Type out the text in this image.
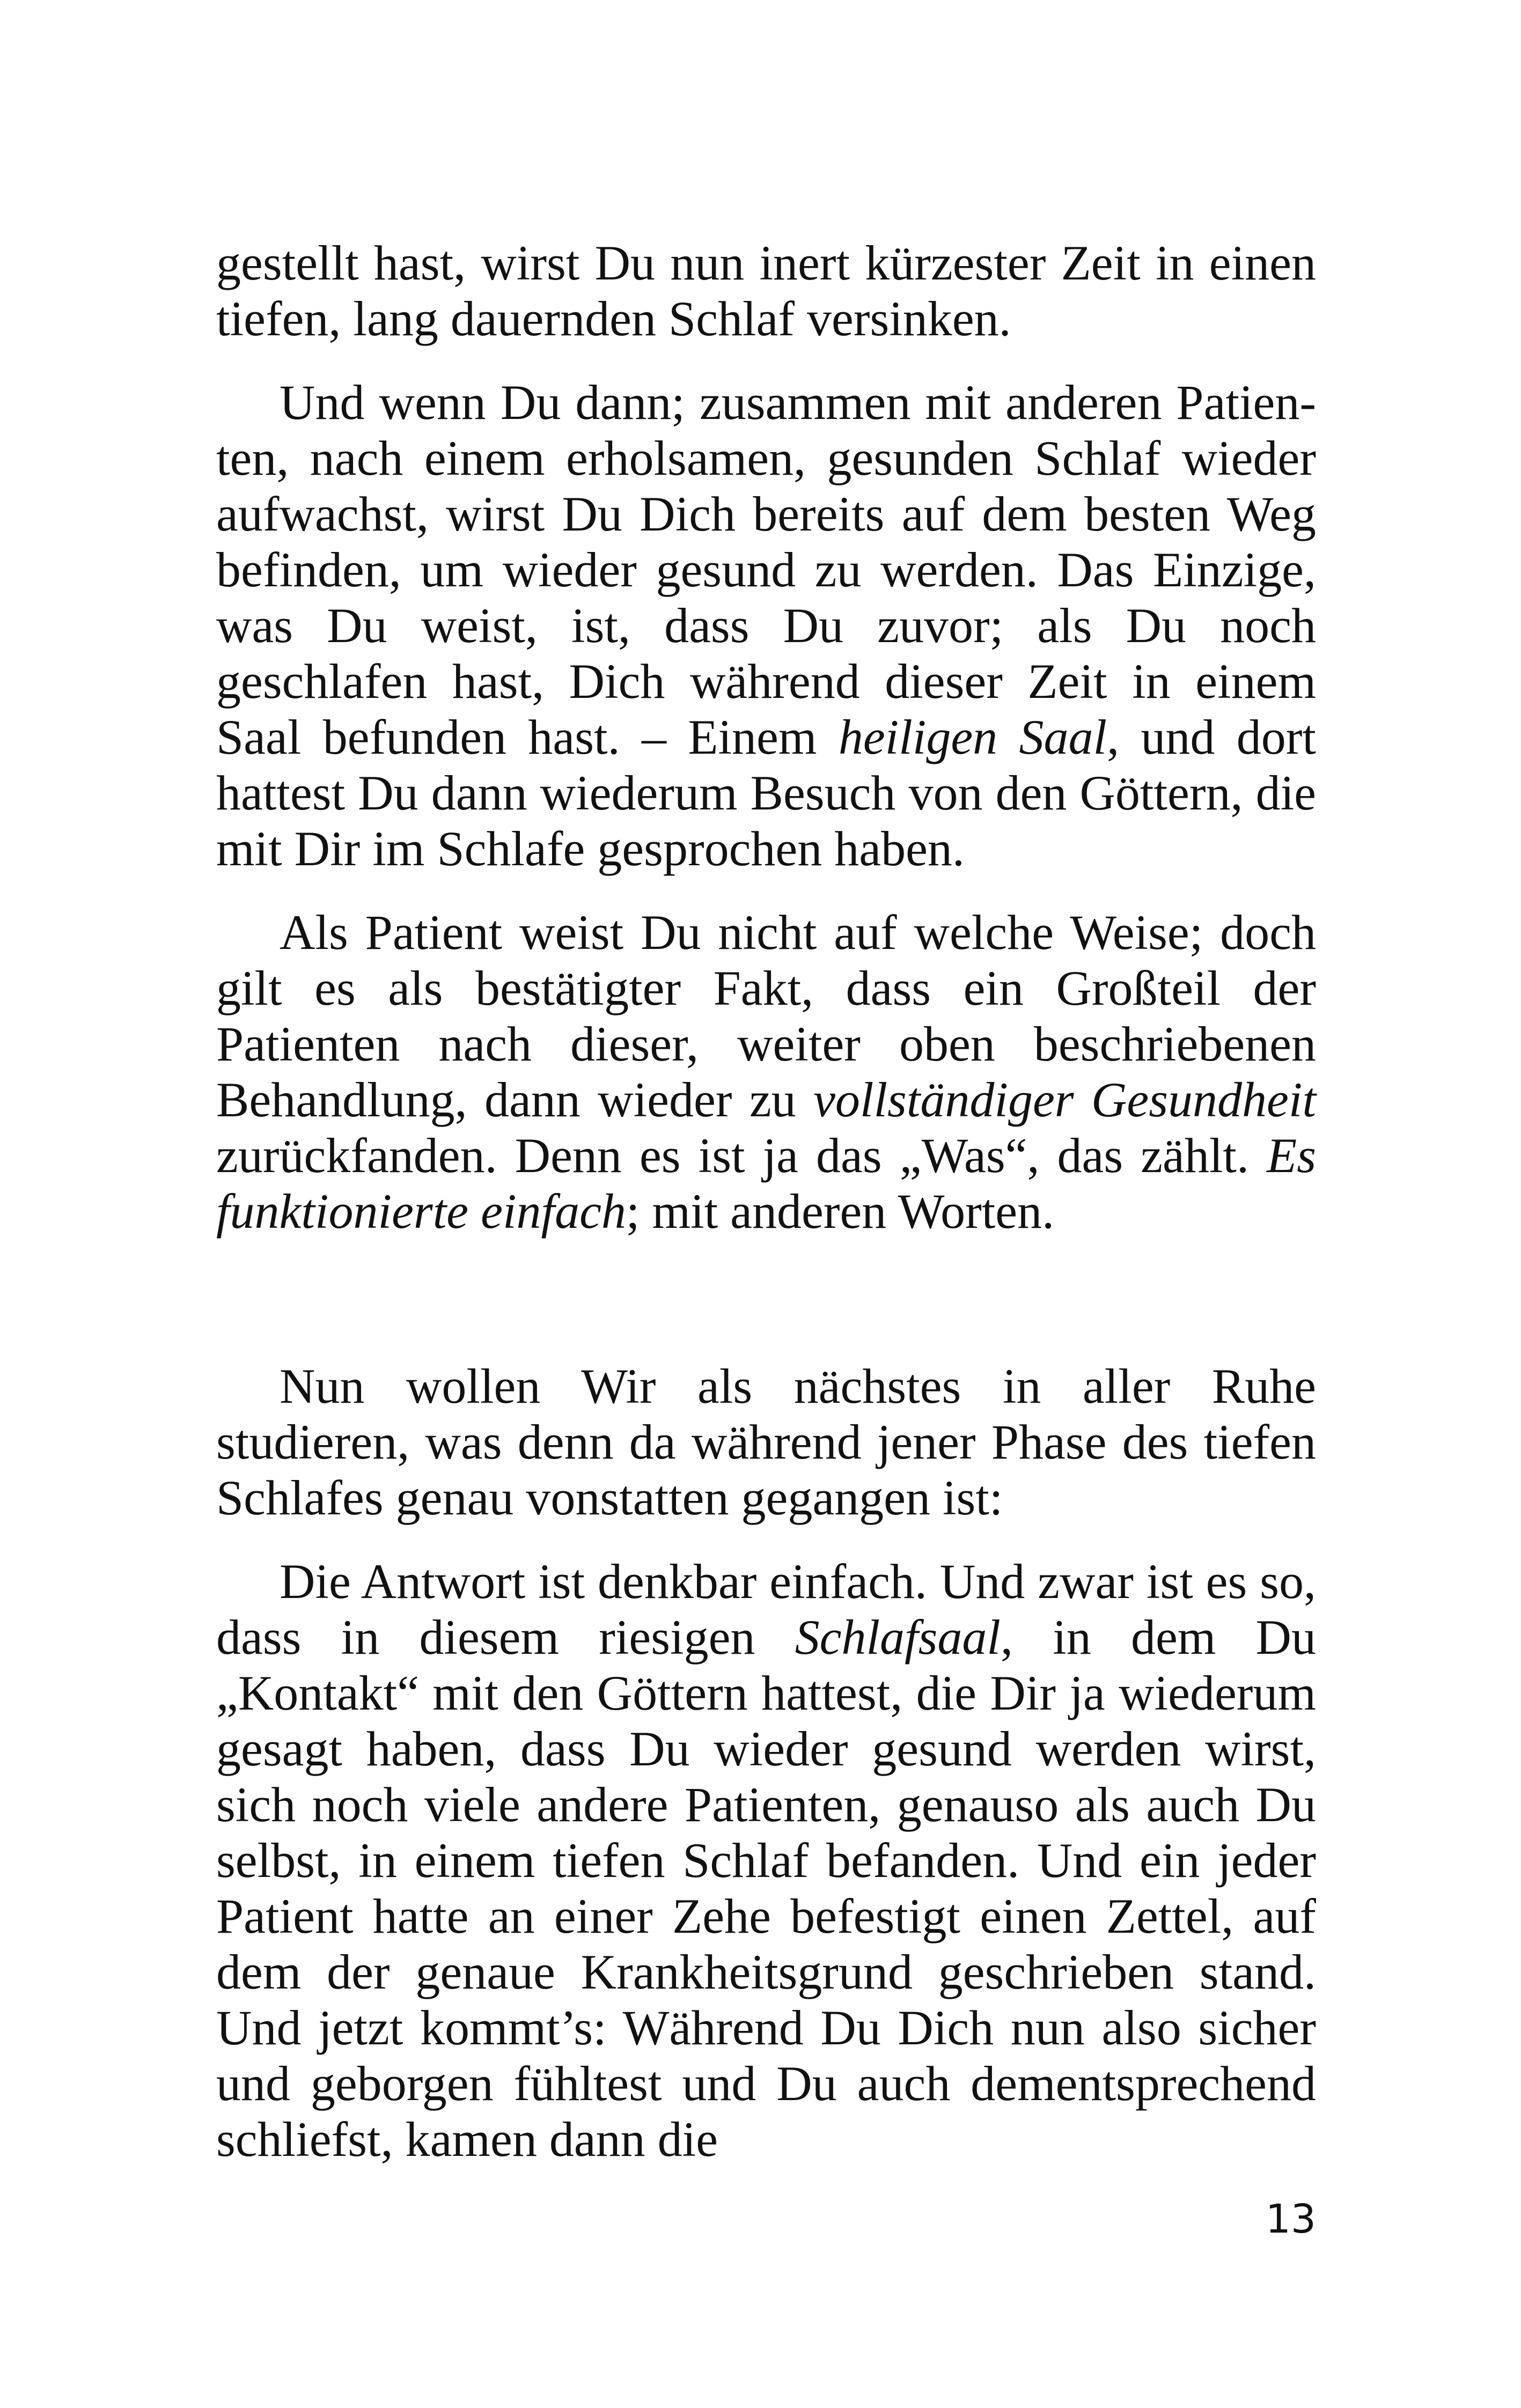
gestellt hast, wirst Du nun inert kürzester Zeit in einen tiefen, lang dauernden Schlaf versinken.

Und wenn Du dann; zusammen mit anderen Patienten, nach einem erholsamen, gesunden Schlaf wieder aufwachst, wirst Du Dich bereits auf dem besten Weg befinden, um wieder gesund zu werden. Das Einzige, was Du weist, ist, dass Du zuvor; als Du noch geschlafen hast, Dich während dieser Zeit in einem Saal befunden hast. – Einem heiligen Saal, und dort hattest Du dann wiederum Besuch von den Göttern, die mit Dir im Schlafe gesprochen haben.

Als Patient weist Du nicht auf welche Weise; doch gilt es als bestätigter Fakt, dass ein Großteil der Patienten nach dieser, weiter oben beschriebenen Behandlung, dann wieder zu vollständiger Gesundheit zurückfanden. Denn es ist ja das „Was“, das zählt. Es funktionierte einfach; mit anderen Worten.

Nun wollen Wir als nächstes in aller Ruhe studieren, was denn da während jener Phase des tiefen Schlafes genau vonstatten gegangen ist:

Die Antwort ist denkbar einfach. Und zwar ist es so, dass in diesem riesigen Schlafsaal, in dem Du „Kontakt“ mit den Göttern hattest, die Dir ja wiederum gesagt haben, dass Du wieder gesund werden wirst, sich noch viele andere Patienten, genauso als auch Du selbst, in einem tiefen Schlaf befanden. Und ein jeder Patient hatte an einer Zehe befestigt einen Zettel, auf dem der genaue Krankheitsgrund geschrieben stand. Und jetzt kommt’s: Während Du Dich nun also sicher und geborgen fühltest und Du auch dementsprechend schliefst, kamen dann die

13
